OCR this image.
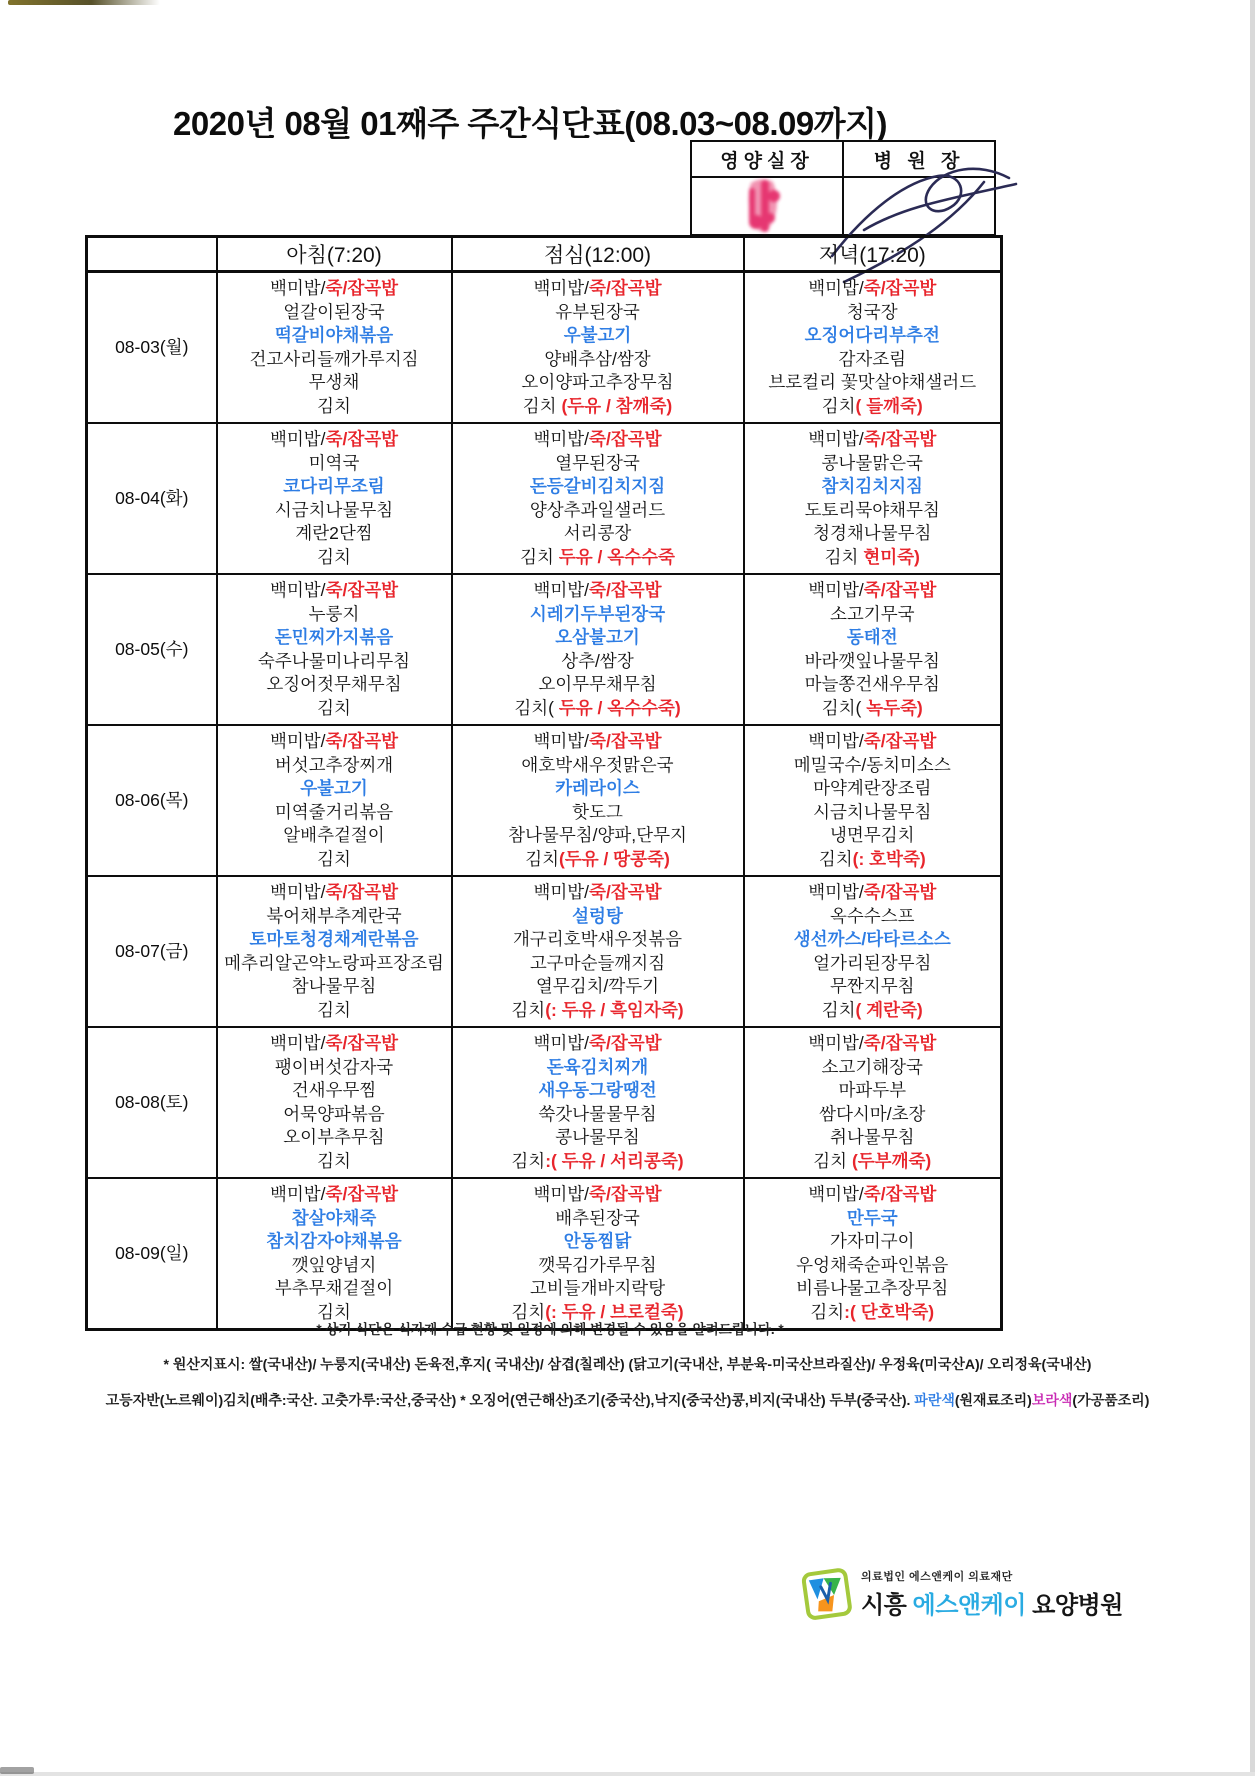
2020년 08월 01째주 주간식단표(08.03~08.09까지)
영양실장	병 원 장

	아침(7:20)	점심(12:00)	저녁(17:20)
08-03(월)	
백미밥/죽/잡곡밥
얼갈이된장국
떡갈비야채볶음
건고사리들깨가루지짐
무생채
김치

백미밥/죽/잡곡밥
유부된장국
우불고기
양배추삼/쌈장
오이양파고추장무침
김치 (두유 / 참깨죽)

백미밥/죽/잡곡밥
청국장
오징어다리부추전
감자조림
브로컬리 꽃맛살야채샐러드
김치( 들깨죽)

08-04(화)	
백미밥/죽/잡곡밥
미역국
코다리무조림
시금치나물무침
계란2단찜
김치

백미밥/죽/잡곡밥
열무된장국
돈등갈비김치지짐
양상추과일샐러드
서리콩장
김치 두유 / 옥수수죽

백미밥/죽/잡곡밥
콩나물맑은국
참치김치지짐
도토리묵야채무침
청경채나물무침
김치 현미죽)

08-05(수)	
백미밥/죽/잡곡밥
누룽지
돈민찌가지볶음
숙주나물미나리무침
오징어젓무채무침
김치

백미밥/죽/잡곡밥
시레기두부된장국
오삼불고기
상추/쌈장
오이무무채무침
김치( 두유 / 옥수수죽)

백미밥/죽/잡곡밥
소고기무국
동태전
바라깻잎나물무침
마늘쫑건새우무침
김치( 녹두죽)

08-06(목)	
백미밥/죽/잡곡밥
버섯고추장찌개
우불고기
미역줄거리볶음
알배추겉절이
김치

백미밥/죽/잡곡밥
애호박새우젓맑은국
카레라이스
핫도그
참나물무침/양파,단무지
김치(두유 / 땅콩죽)

백미밥/죽/잡곡밥
메밀국수/동치미소스
마약계란장조림
시금치나물무침
냉면무김치
김치(: 호박죽)

08-07(금)	
백미밥/죽/잡곡밥
북어채부추계란국
토마토청경채계란볶음
메추리알곤약노랑파프장조림
참나물무침
김치

백미밥/죽/잡곡밥
설렁탕
개구리호박새우젓볶음
고구마순들깨지짐
열무김치/깍두기
김치(: 두유 / 흑임자죽)

백미밥/죽/잡곡밥
옥수수스프
생선까스/타타르소스
얼가리된장무침
무짠지무침
김치( 계란죽)

08-08(토)	
백미밥/죽/잡곡밥
팽이버섯감자국
건새우무찜
어묵양파볶음
오이부추무침
김치

백미밥/죽/잡곡밥
돈육김치찌개
새우동그랑땡전
쑥갓나물물무침
콩나물무침
김치:( 두유 / 서리콩죽)

백미밥/죽/잡곡밥
소고기해장국
마파두부
쌈다시마/초장
취나물무침
김치 (두부깨죽)

08-09(일)	
백미밥/죽/잡곡밥
찹살야채죽
참치감자야채볶음
깻잎양념지
부추무채겉절이
김치

백미밥/죽/잡곡밥
배추된장국
안동찜닭
깻묵김가루무침
고비들개바지락탕
김치(: 두유 / 브로컬죽)

백미밥/죽/잡곡밥
만두국
가자미구이
우엉채죽순파인볶음
비름나물고추장무침
김치:( 단호박죽)

* 상기 식단은 식자재 수급 현황 및 일정에 의해 변경될 수 있음을 알려드립니다. *

* 원산지표시: 쌀(국내산)/ 누룽지(국내산) 돈육전,후지( 국내산)/ 삼겹(칠레산) (닭고기(국내산, 부분육-미국산브라질산)/ 우정육(미국산A)/ 오리정육(국내산)

고등자반(노르웨이)김치(배추:국산. 고춧가루:국산,중국산) * 오징어(연근해산)조기(중국산),낙지(중국산)콩,비지(국내산) 두부(중국산). 파란색(원재료조리)보라색(가공품조리)

의료법인 에스앤케이 의료재단
시흥 에스앤케이 요양병원
